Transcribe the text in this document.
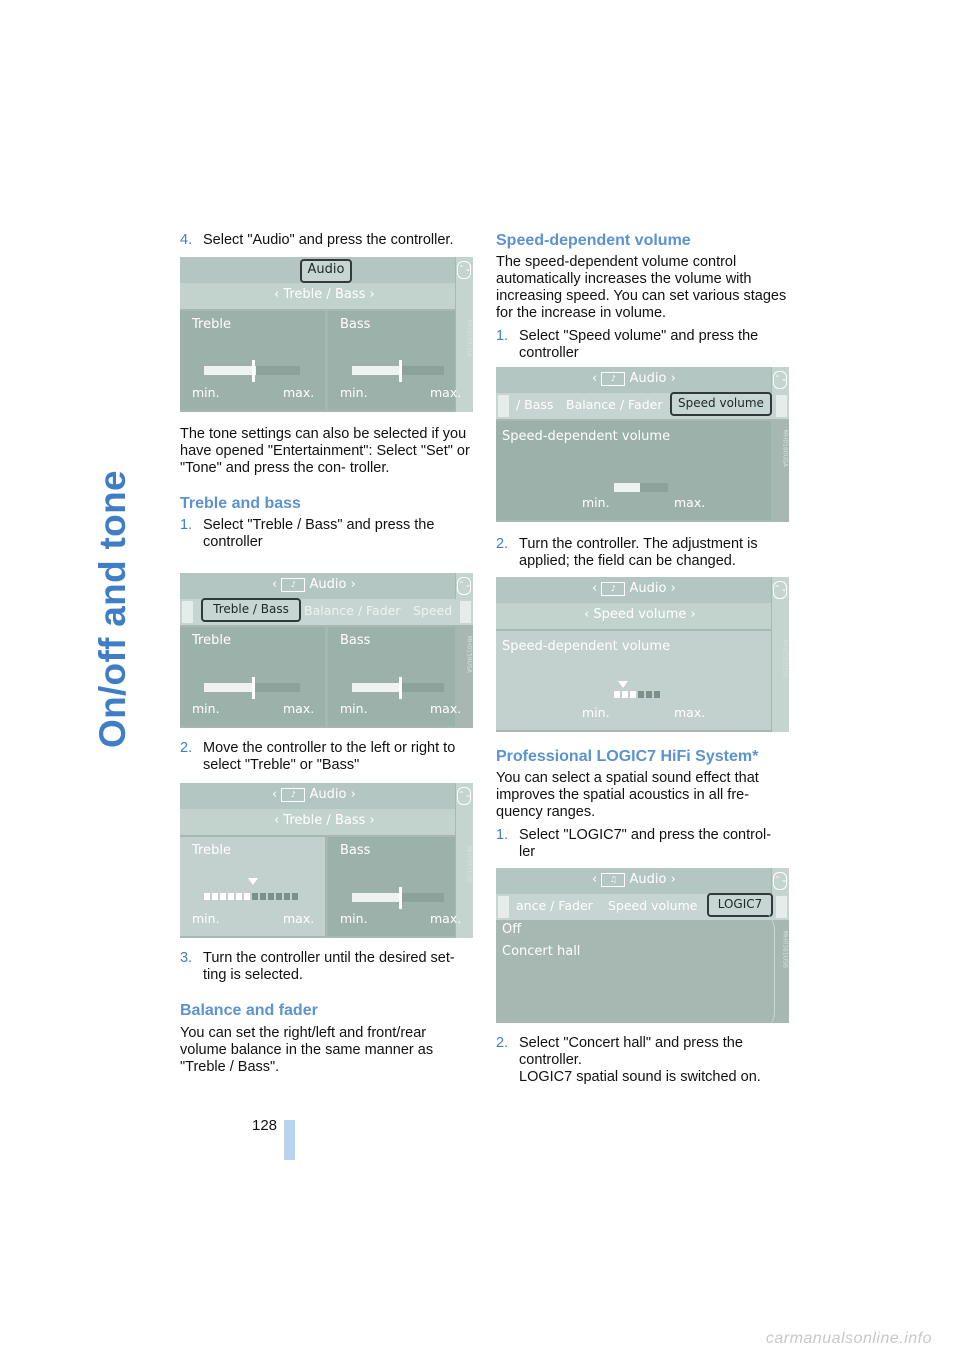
On/off and tone
4. Select "Audio" and press the controller.
Audio
‹ Treble / Bass ›
⌃⌄
Treble	Bass
min.	max. min.	max.
MH0158USA

The tone settings can also be selected if you have opened "Entertainment": Select "Set" or "Tone" and press the con- troller.

Treble and bass
1. Select "Treble / Bass" and press the controller
‹ ♪ Audio ›
Treble / Bass	Balance / Fader Speed
⌃⌄
Treble	Bass
min.	max. min.	max.
MH0159USA
2. Move the controller to the left or right to select "Treble" or "Bass"
‹ ♪ Audio ›
‹ Treble / Bass ›
⌃⌄
Treble	Bass
min.	max. min.	max.
MH0561USB
3. Turn the controller until the desired set- ting is selected.
Balance and fader

You can set the right/left and front/rear volume balance in the same manner as "Treble / Bass".

Speed-dependent volume

The speed-dependent volume control automatically increases the volume with increasing speed. You can set various stages for the increase in volume.

1. Select "Speed volume" and press the controller
‹ ♪ Audio ›
/ Bass Balance / Fader	Speed volume
⌃⌄
Speed-dependent volume
min.	max.
MH0160USA
2. Turn the controller. The adjustment is applied; the field can be changed.
‹ ♪ Audio ›
‹ Speed volume ›
⌃⌄
Speed-dependent volume
min.	max.
MH0562USB
Professional LOGIC7 HiFi System*

You can select a spatial sound effect that improves the spatial acoustics in all fre- quency ranges.

1. Select "LOGIC7" and press the control- ler
‹ ♫ Audio ›
ance / Fader Speed volume	LOGIC7
⌃⌄
Off
Concert hall	MH0161USB
2. Select "Concert hall" and press the controller.
LOGIC7 spatial sound is switched on.
128
carmanualsonline.info
